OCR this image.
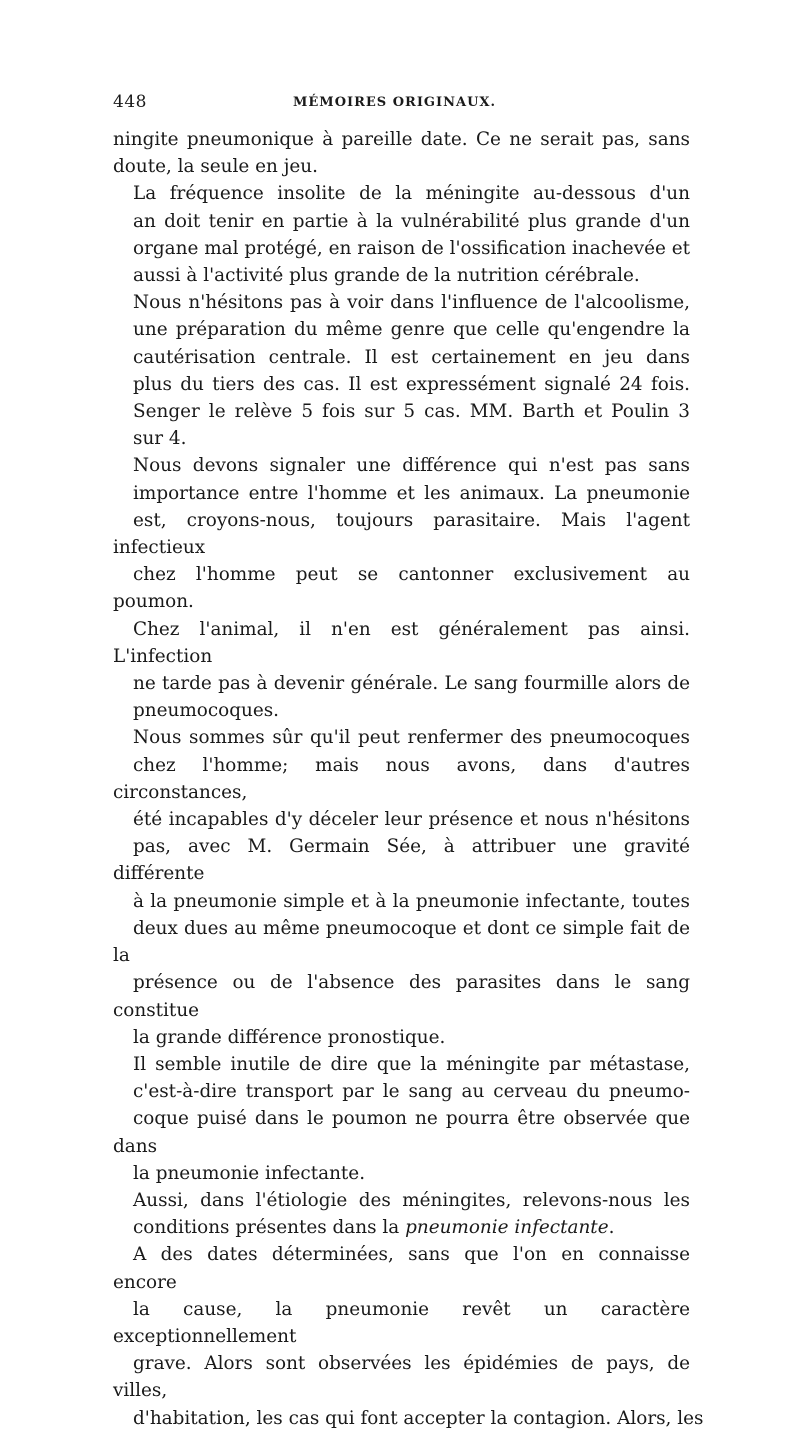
448	MÉMOIRES ORIGINAUX.

ningite pneumonique à pareille date. Ce ne serait pas, sans
doute, la seule en jeu.

La fréquence insolite de la méningite au-dessous d'un
an doit tenir en partie à la vulnérabilité plus grande d'un
organe mal protégé, en raison de l'ossification inachevée et
aussi à l'activité plus grande de la nutrition cérébrale.

Nous n'hésitons pas à voir dans l'influence de l'alcoolisme,
une préparation du même genre que celle qu'engendre la
cautérisation centrale. Il est certainement en jeu dans
plus du tiers des cas. Il est expressément signalé 24 fois.
Senger le relève 5 fois sur 5 cas. MM. Barth et Poulin 3
sur 4.

Nous devons signaler une différence qui n'est pas sans
importance entre l'homme et les animaux. La pneumonie
est, croyons-nous, toujours parasitaire. Mais l'agent infectieux
chez l'homme peut se cantonner exclusivement au poumon.
Chez l'animal, il n'en est généralement pas ainsi. L'infection
ne tarde pas à devenir générale. Le sang fourmille alors de
pneumocoques.

Nous sommes sûr qu'il peut renfermer des pneumocoques
chez l'homme; mais nous avons, dans d'autres circonstances,
été incapables d'y déceler leur présence et nous n'hésitons
pas, avec M. Germain Sée, à attribuer une gravité différente
à la pneumonie simple et à la pneumonie infectante, toutes
deux dues au même pneumocoque et dont ce simple fait de la
présence ou de l'absence des parasites dans le sang constitue
la grande différence pronostique.

Il semble inutile de dire que la méningite par métastase,
c'est-à-dire transport par le sang au cerveau du pneumo-
coque puisé dans le poumon ne pourra être observée que dans
la pneumonie infectante.

Aussi, dans l'étiologie des méningites, relevons-nous les
conditions présentes dans la pneumonie infectante.

A des dates déterminées, sans que l'on en connaisse encore
la cause, la pneumonie revêt un caractère exceptionnellement
grave. Alors sont observées les épidémies de pays, de villes,
d'habitation, les cas qui font accepter la contagion. Alors, les
